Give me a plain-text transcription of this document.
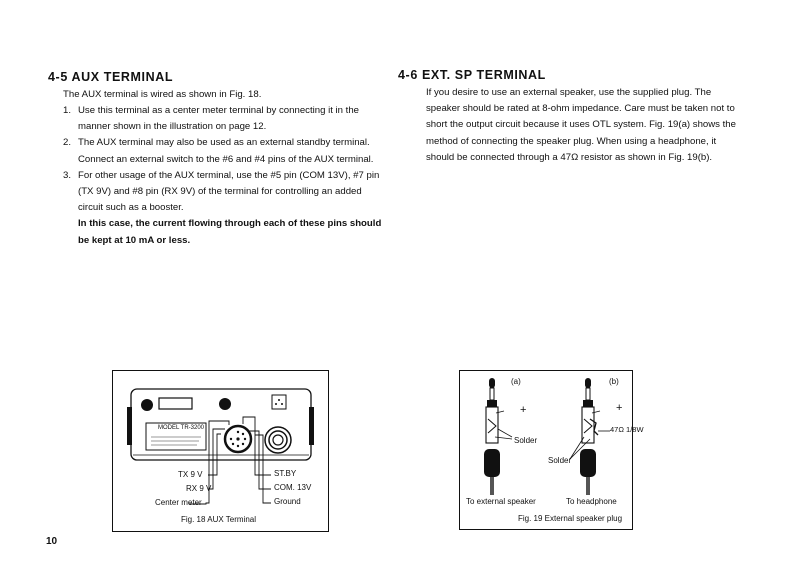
4-5 AUX TERMINAL

The AUX terminal is wired as shown in Fig. 18.

1. Use this terminal as a center meter terminal by connecting it in the manner shown in the illustration on page 12.
2. The AUX terminal may also be used as an external standby terminal. Connect an external switch to the #6 and #4 pins of the AUX terminal.
3. For other usage of the AUX terminal, use the #5 pin (COM 13V), #7 pin (TX 9V) and #8 pin (RX 9V) of the terminal for controlling an added circuit such as a booster.
In this case, the current flowing through each of these pins should be kept at 10 mA or less.
4-6 EXT. SP TERMINAL

If you desire to use an external speaker, use the supplied plug. The speaker should be rated at 8-ohm impedance. Care must be taken not to short the output circuit because it uses OTL system. Fig. 19(a) shows the method of connecting the speaker plug. When using a headphone, it should be connected through a 47Ω resistor as shown in Fig. 19(b).

MODEL TR-3200
TX 9 V
RX 9 V
Center meter
ST.BY
COM. 13V
Ground
Fig. 18 AUX Terminal
(a)	(b)
+	+
Solder
Solder
47Ω 1/8W
To external speaker	To headphone
Fig. 19 External speaker plug
10
